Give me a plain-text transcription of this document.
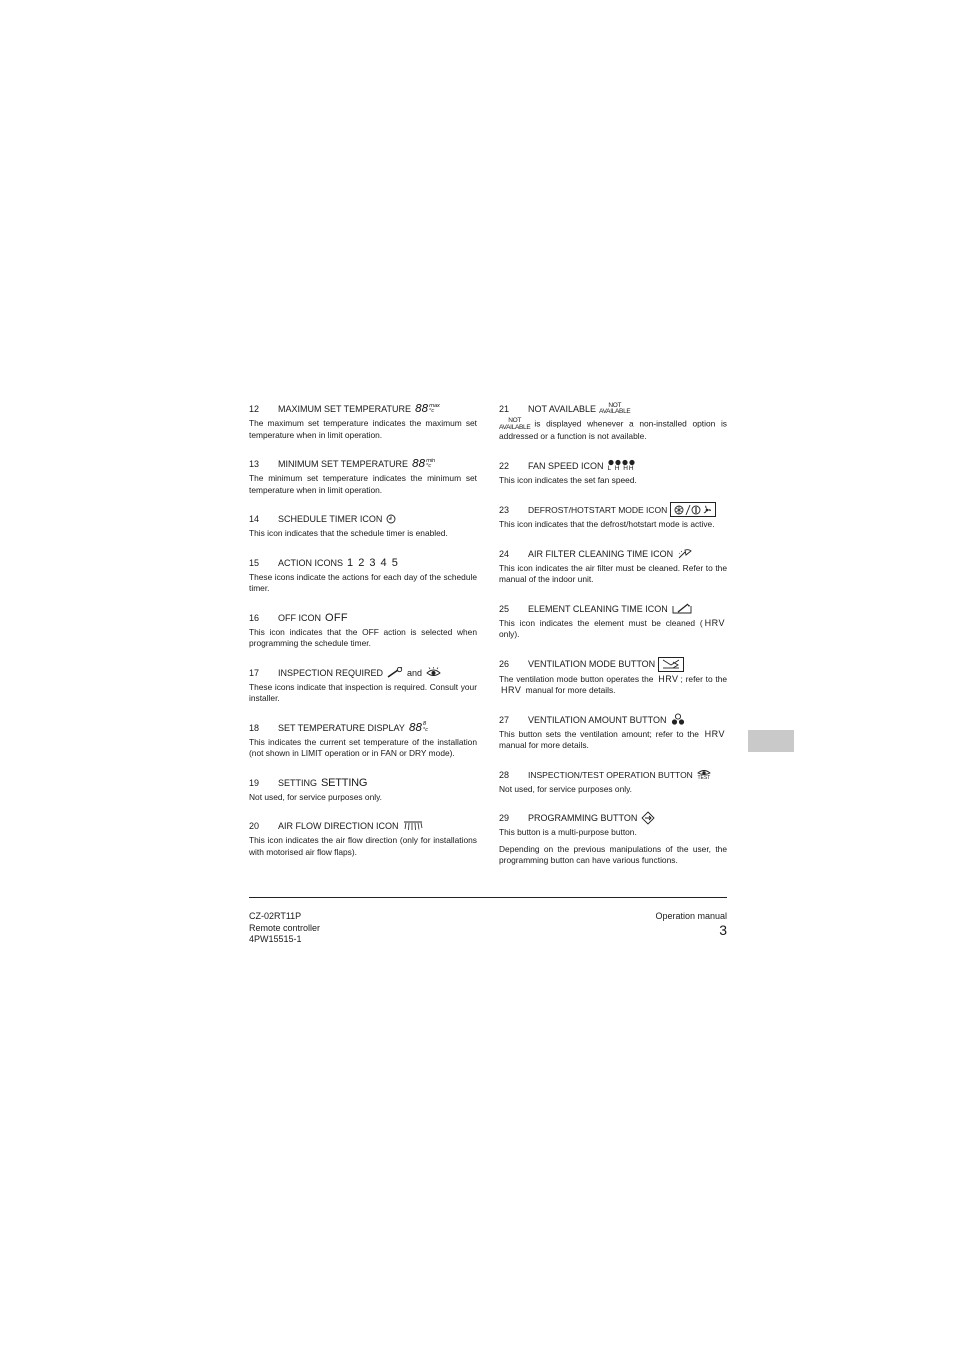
12	MAXIMUM SET TEMPERATURE 88 max
°c

The maximum set temperature indicates the maximum set temperature when in limit operation.

13	MINIMUM SET TEMPERATURE 88 min
°c

The minimum set temperature indicates the minimum set temperature when in limit operation.

14	SCHEDULE TIMER ICON

This icon indicates that the schedule timer is enabled.

15	ACTION ICONS 1 2 3 4 5

These icons indicate the actions for each day of the schedule timer.

16	OFF ICON OFF

This icon indicates that the OFF action is selected when programming the schedule timer.

17	INSPECTION REQUIRED	and

These icons indicate that inspection is required. Consult your installer.

18	SET TEMPERATURE DISPLAY 88 8
°c

This indicates the current set temperature of the installation (not shown in LIMIT operation or in FAN or DRY mode).

19	SETTING SETTING

Not used, for service purposes only.

20	AIR FLOW DIRECTION ICON

This icon indicates the air flow direction (only for installations with motorised air flow flaps).

21	NOT AVAILABLE	NOT
AVAILABLE

NOT
AVAILABLE is displayed whenever a non-installed option is addressed or a function is not available.

22	FAN SPEED ICON L H HH

This icon indicates the set fan speed.

23	DEFROST/HOTSTART MODE ICON

This icon indicates that the defrost/hotstart mode is active.

24	AIR FILTER CLEANING TIME ICON

This icon indicates the air filter must be cleaned. Refer to the manual of the indoor unit.

25	ELEMENT CLEANING TIME ICON

This icon indicates the element must be cleaned ( HRV only).

26	VENTILATION MODE BUTTON

The ventilation mode button operates the HRV ; refer to the HRV manual for more details.

27	VENTILATION AMOUNT BUTTON

This button sets the ventilation amount; refer to the HRV manual for more details.

28	INSPECTION/TEST OPERATION BUTTON TEST

Not used, for service purposes only.

29	PROGRAMMING BUTTON

This button is a multi-purpose button.

Depending on the previous manipulations of the user, the programming button can have various functions.

CZ-02RT11P
Remote controller
4PW15515-1
Operation manual
3
